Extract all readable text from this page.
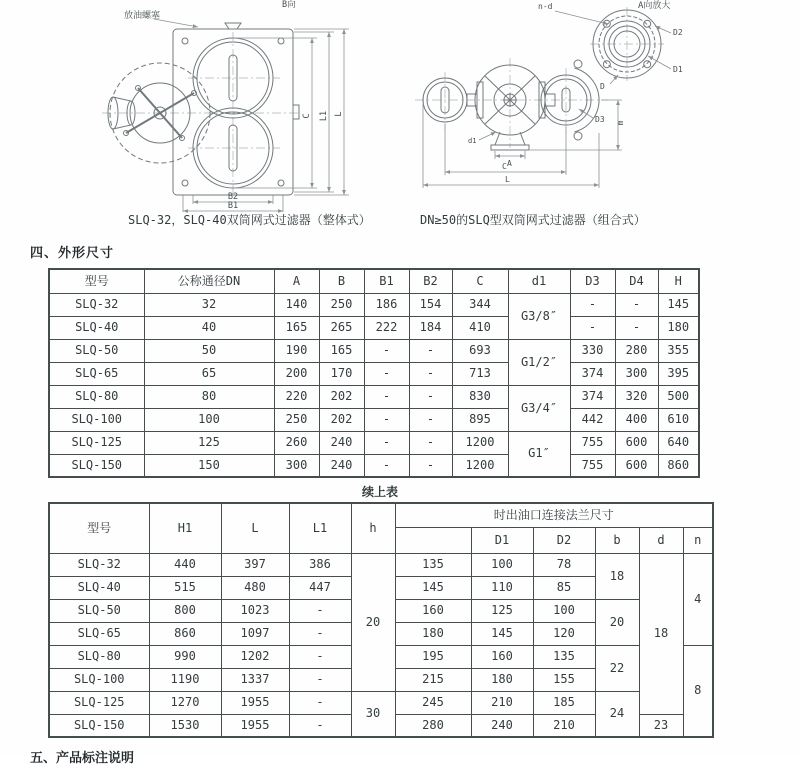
放油螺塞
C L1 L
B2
B1
B向	A向放大
n-d
D2
D1
D
D3 m
A
C
L
d1
SLQ-32，SLQ-40双筒网式过滤器（整体式）	DN≥50的SLQ型双筒网式过滤器（组合式）
四、外形尺寸
型号	公称通径DN	A	B	B1	B2	C	d1	D3	D4	H
SLQ-32	32	140	250	186	154	344	G3/8″	-	-	145
SLQ-40	40	165	265	222	184	410		-	-	180
SLQ-50	50	190	165	-	-	693	G1/2″	330	280	355
SLQ-65	65	200	170	-	-	713		374	300	395
SLQ-80	80	220	202	-	-	830	G3/4″	374	320	500
SLQ-100	100	250	202	-	-	895		442	400	610
SLQ-125	125	260	240	-	-	1200	G1″	755	600	640
SLQ-150	150	300	240	-	-	1200		755	600	860
续上表
型号	H1	L	L1	h	时出油口连接法兰尺寸					
						D1	D2	b	d	n
SLQ-32	440	397	386	20	135	100	78	18	18	4
SLQ-40	515	480	447		145	110	85			
SLQ-50	800	1023	-		160	125	100	20		
SLQ-65	860	1097	-		180	145	120			
SLQ-80	990	1202	-		195	160	135	22		8
SLQ-100	1190	1337	-		215	180	155			
SLQ-125	1270	1955	-	30	245	210	185	24		
SLQ-150	1530	1955	-		280	240	210		23	
五、产品标注说明
